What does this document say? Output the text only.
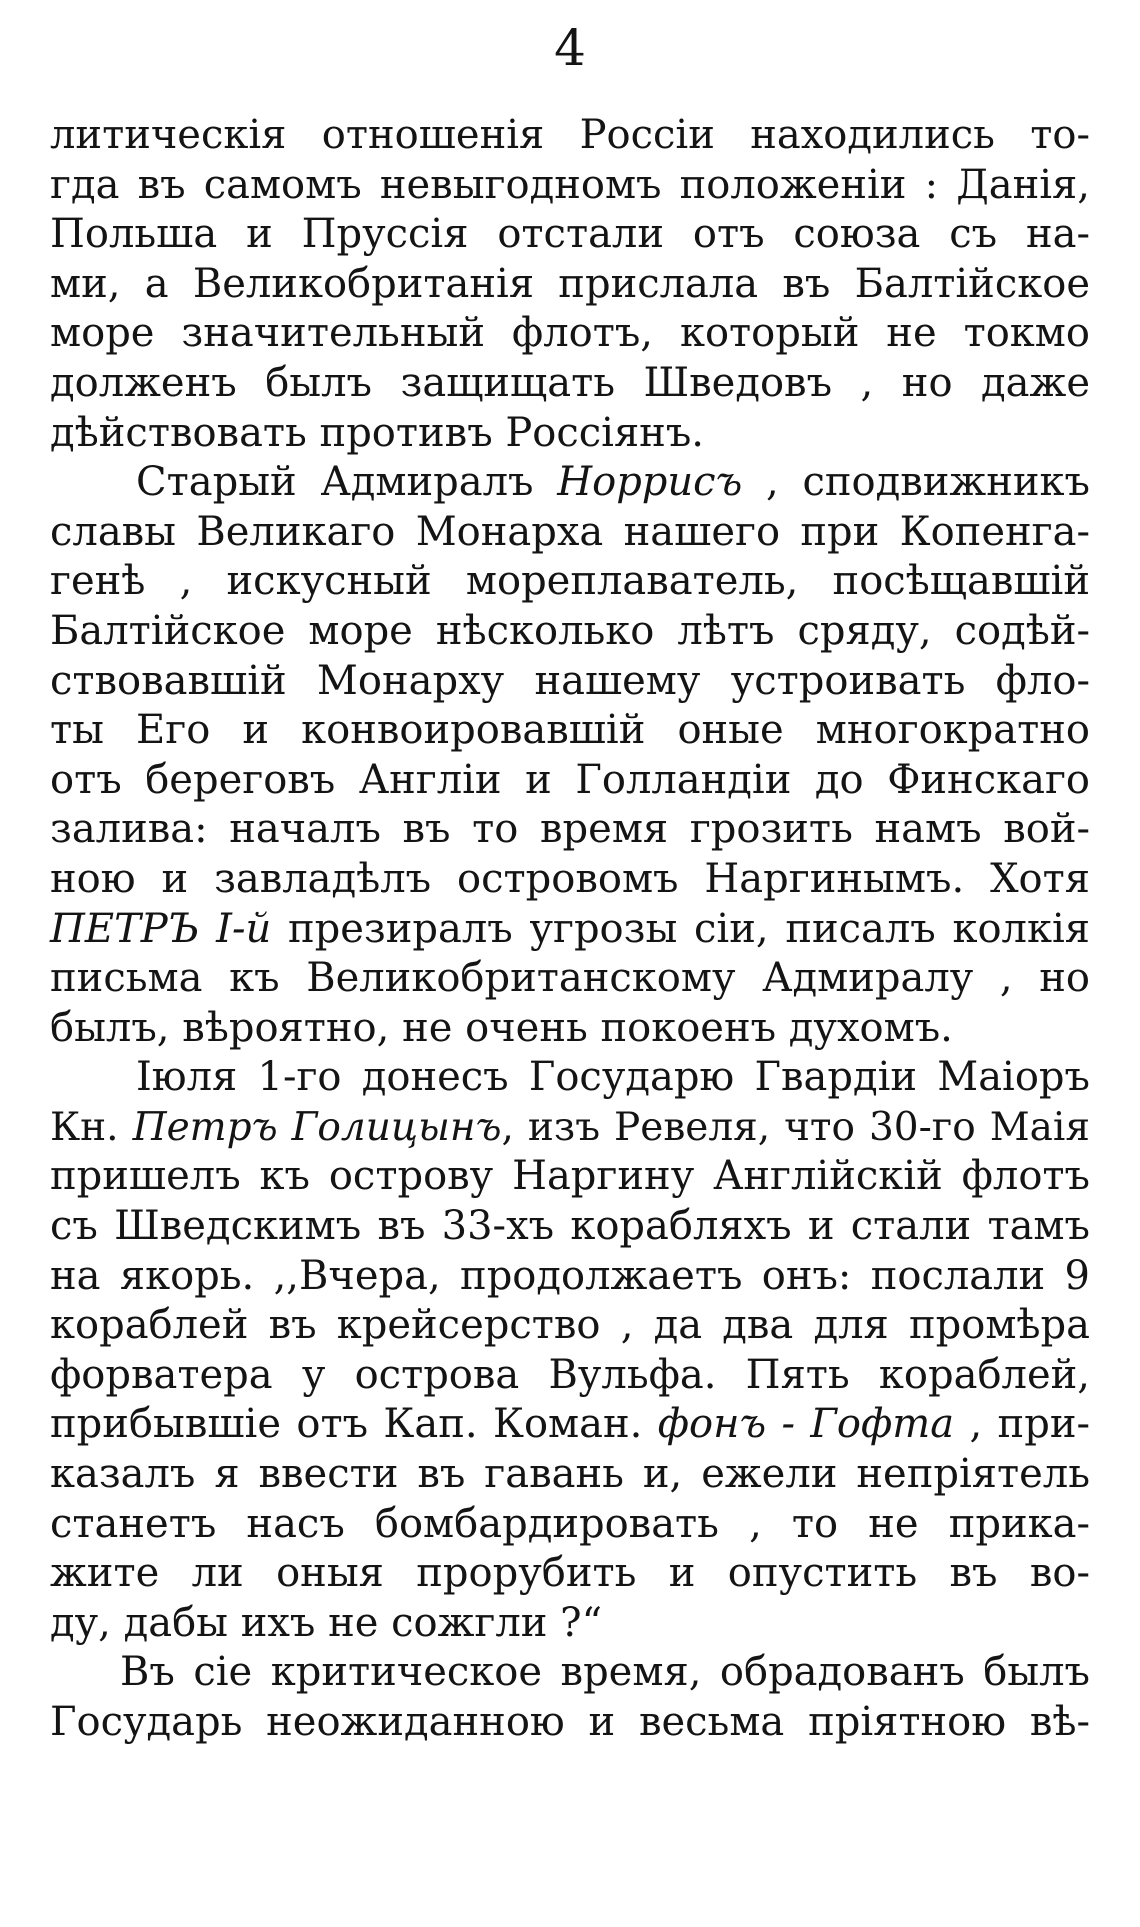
4
литическія отношенія Россіи находились то-
гда въ самомъ невыгодномъ положеніи : Данія,
Польша и Пруссія отстали отъ союза съ на-
ми, а Великобританія прислала въ Балтійское
море значительный флотъ, который не токмо
долженъ былъ защищать Шведовъ , но даже
дѣйствовать противъ Россіянъ.
Старый Адмиралъ Норрисъ , сподвижникъ
славы Великаго Монарха нашего при Копенга-
генѣ , искусный мореплаватель, посѣщавшій
Балтійское море нѣсколько лѣтъ сряду, содѣй-
ствовавшій Монарху нашему устроивать фло-
ты Его и конвоировавшій оные многократно
отъ береговъ Англіи и Голландіи до Финскаго
залива: началъ въ то время грозить намъ вой-
ною и завладѣлъ островомъ Наргинымъ. Хотя
ПЕТРЪ I-й презиралъ угрозы сіи, писалъ колкія
письма къ Великобританскому Адмиралу , но
былъ, вѣроятно, не очень покоенъ духомъ.
Іюля 1-го донесъ Государю Гвардіи Маіоръ
Кн. Петръ Голицынъ, изъ Ревеля, что 30-го Маія
пришелъ къ острову Наргину Англійскій флотъ
съ Шведскимъ въ 33-хъ корабляхъ и стали тамъ
на якорь. ,,Вчера, продолжаетъ онъ: послали 9
кораблей въ крейсерство , да два для промѣра
форватера у острова Вульфа. Пять кораблей,
прибывшіе отъ Кап. Коман. фонъ - Гофта , при-
казалъ я ввести въ гавань и, ежели непріятель
станетъ насъ бомбардировать , то не прика-
жите ли оныя прорубить и опустить въ во-
ду, дабы ихъ не сожгли ?“
Въ сіе критическое время, обрадованъ былъ
Государь неожиданною и весьма пріятною вѣ-
